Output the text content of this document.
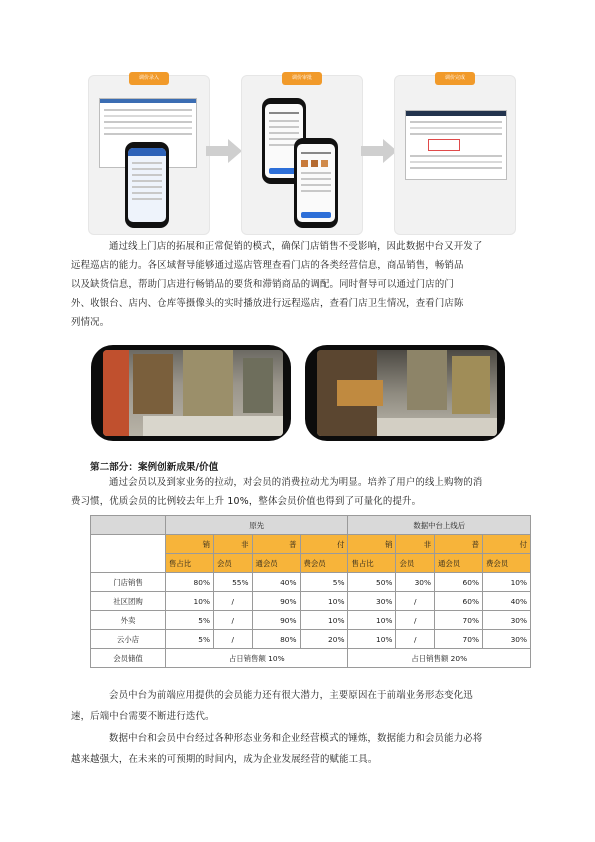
调价录入	调价审批	调价完成
通过线上门店的拓展和正常促销的模式，确保门店销售不受影响，因此数据中台又开发了
远程巡店的能力。各区域督导能够通过巡店管理查看门店的各类经营信息，商品销售，畅销品
以及缺货信息，帮助门店进行畅销品的要货和滞销商品的调配。同时督导可以通过门店的门
外、收银台、店内、仓库等摄像头的实时播放进行远程巡店，查看门店卫生情况，查看门店陈
列情况。
第二部分：案例创新成果/价值
通过会员以及到家业务的拉动，对会员的消费拉动尤为明显。培养了用户的线上购物的消
费习惯，优质会员的比例较去年上升 10%，整体会员价值也得到了可量化的提升。
	原先				数据中台上线后			
	销	非	普	付	销	非	普	付
	售占比	会员	通会员	费会员	售占比	会员	通会员	费会员
门店销售	80%	55%	40%	5%	50%	30%	60%	10%
社区团购	10%	/	90%	10%	30%	/	60%	40%
外卖	5%	/	90%	10%	10%	/	70%	30%
云小店	5%	/	80%	20%	10%	/	70%	30%
会员储值	占日销售额 10%				占日销售额 20%			
会员中台为前端应用提供的会员能力还有很大潜力，主要原因在于前端业务形态变化迅
速，后端中台需要不断进行迭代。
数据中台和会员中台经过各种形态业务和企业经营模式的锤炼，数据能力和会员能力必将
越来越强大，在未来的可预期的时间内，成为企业发展经营的赋能工具。
